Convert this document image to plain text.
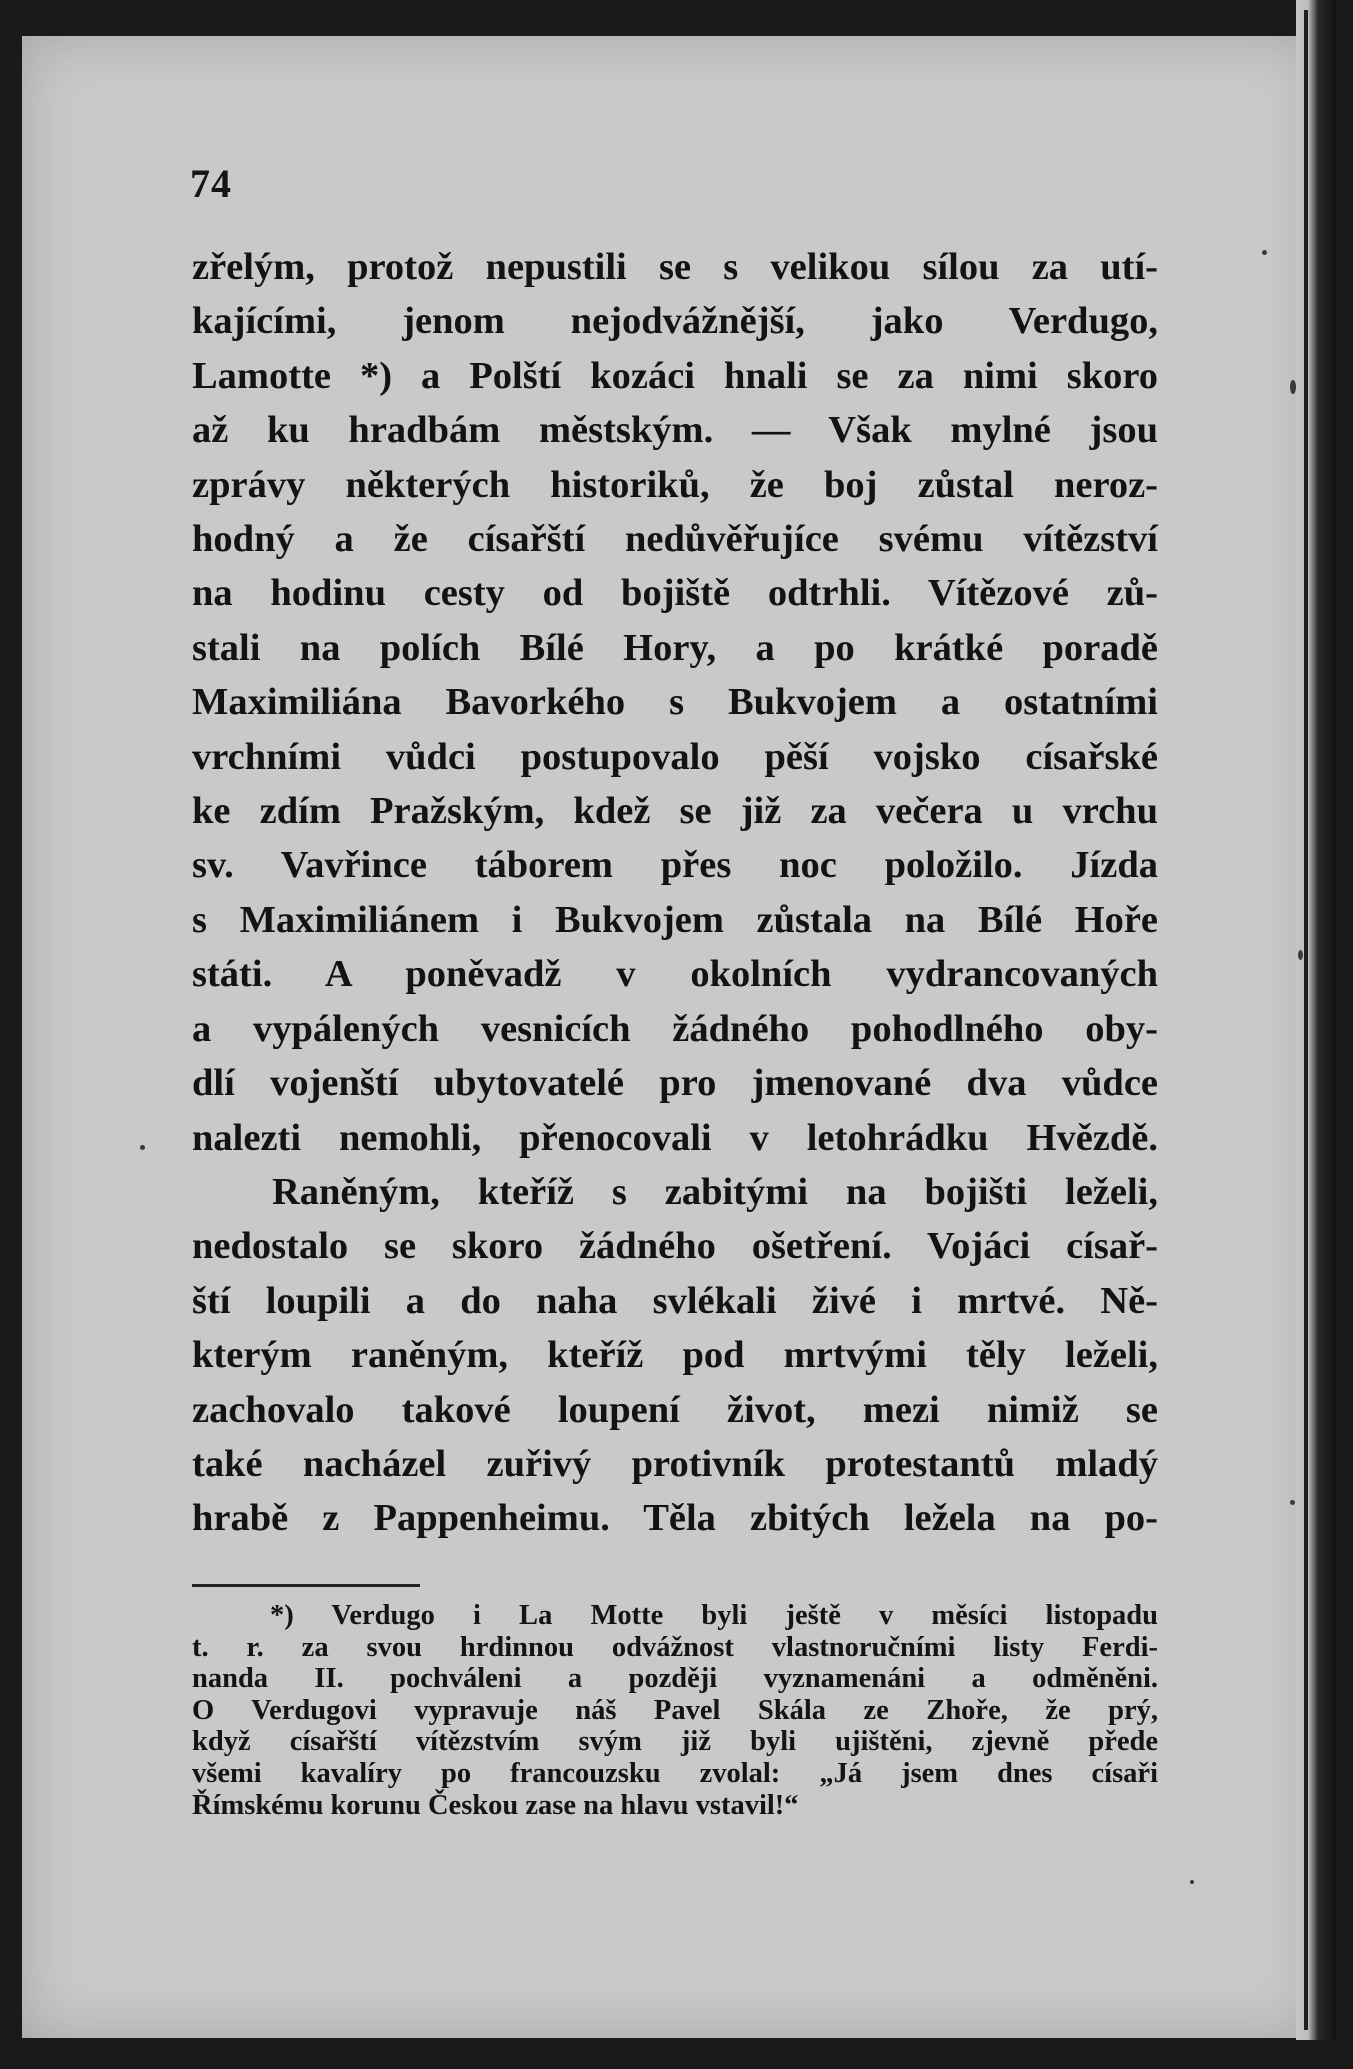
74
zřelým, protož nepustili se s velikou sílou za utí-
kajícími, jenom nejodvážnější, jako Verdugo,
Lamotte *) a Polští kozáci hnali se za nimi skoro
až ku hradbám městským. — Však mylné jsou
zprávy některých historiků, že boj zůstal neroz-
hodný a že císařští nedůvěřujíce svému vítězství
na hodinu cesty od bojiště odtrhli. Vítězové zů-
stali na polích Bílé Hory, a po krátké poradě
Maximiliána Bavorkého s Bukvojem a ostatními
vrchními vůdci postupovalo pěší vojsko císařské
ke zdím Pražským, kdež se již za večera u vrchu
sv. Vavřince táborem přes noc položilo. Jízda
s Maximiliánem i Bukvojem zůstala na Bílé Hoře
státi. A poněvadž v okolních vydrancovaných
a vypálených vesnicích žádného pohodlného oby-
dlí vojenští ubytovatelé pro jmenované dva vůdce
nalezti nemohli, přenocovali v letohrádku Hvězdě.
Raněným, kteříž s zabitými na bojišti leželi,
nedostalo se skoro žádného ošetření. Vojáci císař-
ští loupili a do naha svlékali živé i mrtvé. Ně-
kterým raněným, kteříž pod mrtvými těly leželi,
zachovalo takové loupení život, mezi nimiž se
také nacházel zuřivý protivník protestantů mladý
hrabě z Pappenheimu. Těla zbitých ležela na po-
*) Verdugo i La Motte byli ještě v měsíci listopadu
t. r. za svou hrdinnou odvážnost vlastnoručními listy Ferdi-
nanda II. pochváleni a později vyznamenáni a odměněni.
O Verdugovi vypravuje náš Pavel Skála ze Zhoře, že prý,
když císařští vítězstvím svým již byli ujištěni, zjevně přede
všemi kavalíry po francouzsku zvolal: „Já jsem dnes císaři
Římskému korunu Českou zase na hlavu vstavil!“
